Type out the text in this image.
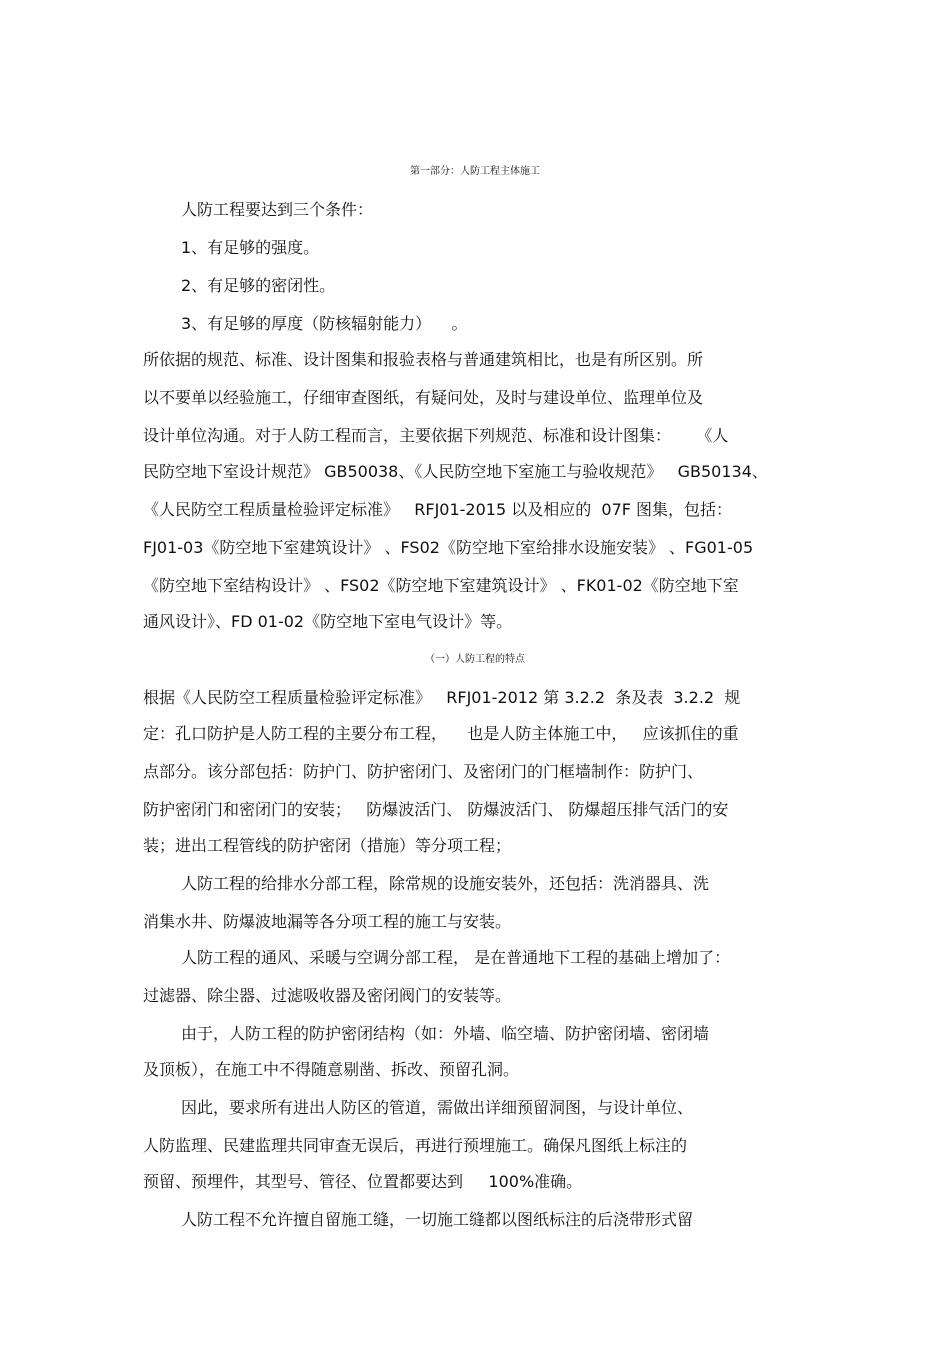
第一部分：人防工程主体施工

人防工程要达到三个条件：

1、有足够的强度。

2、有足够的密闭性。

3、有足够的厚度（防核辐射能力）    。

所依据的规范、标准、设计图集和报验表格与普通建筑相比，也是有所区别。所

以不要单以经验施工，仔细审查图纸，有疑问处，及时与建设单位、监理单位及

设计单位沟通。对于人防工程而言，主要依据下列规范、标准和设计图集：     《人

民防空地下室设计规范》 GB50038、《人民防空地下室施工与验收规范》   GB50134、

《人民防空工程质量检验评定标准》   RFJ01-2015 以及相应的  07F 图集，包括：

FJ01-03《防空地下室建筑设计》 、FS02《防空地下室给排水设施安装》 、FG01-05

《防空地下室结构设计》 、FS02《防空地下室建筑设计》 、FK01-02《防空地下室

通风设计》、FD 01-02《防空地下室电气设计》等。

（一）人防工程的特点

根据《人民防空工程质量检验评定标准》   RFJ01-2012 第 3.2.2  条及表  3.2.2  规

定：孔口防护是人防工程的主要分布工程，    也是人防主体施工中，   应该抓住的重

点部分。该分部包括：防护门、防护密闭门、及密闭门的门框墙制作：防护门、

防护密闭门和密闭门的安装；   防爆波活门、 防爆波活门、 防爆超压排气活门的安

装；进出工程管线的防护密闭（措施）等分项工程；

人防工程的给排水分部工程，除常规的设施安装外，还包括：洗消器具、洗

消集水井、防爆波地漏等各分项工程的施工与安装。

人防工程的通风、采暖与空调分部工程， 是在普通地下工程的基础上增加了：

过滤器、除尘器、过滤吸收器及密闭阀门的安装等。

由于，人防工程的防护密闭结构（如：外墙、临空墙、防护密闭墙、密闭墙

及顶板），在施工中不得随意剔凿、拆改、预留孔洞。

因此，要求所有进出人防区的管道，需做出详细预留洞图，与设计单位、

人防监理、民建监理共同审查无误后，再进行预埋施工。确保凡图纸上标注的

预留、预埋件，其型号、管径、位置都要达到     100%准确。

人防工程不允许擅自留施工缝，一切施工缝都以图纸标注的后浇带形式留
